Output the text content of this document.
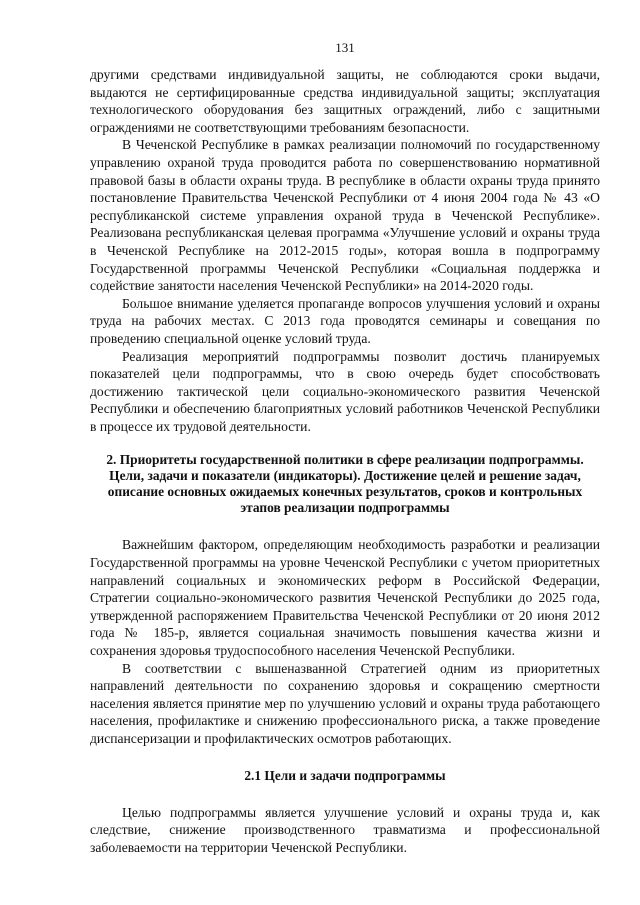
131

другими средствами индивидуальной защиты, не соблюдаются сроки выдачи, выдаются не сертифицированные средства индивидуальной защиты; эксплуатация технологического оборудования без защитных ограждений, либо с защитными ограждениями не соответствующими требованиям безопасности.

В Чеченской Республике в рамках реализации полномочий по государственному управлению охраной труда проводится работа по совершенствованию нормативной правовой базы в области охраны труда. В республике в области охраны труда принято постановление Правительства Чеченской Республики от 4 июня 2004 года № 43 «О республиканской системе управления охраной труда в Чеченской Республике». Реализована республиканская целевая программа «Улучшение условий и охраны труда в Чеченской Республике на 2012-2015 годы», которая вошла в подпрограмму Государственной программы Чеченской Республики «Социальная поддержка и содействие занятости населения Чеченской Республики» на 2014-2020 годы.

Большое внимание уделяется пропаганде вопросов улучшения условий и охраны труда на рабочих местах. С 2013 года проводятся семинары и совещания по проведению специальной оценке условий труда.

Реализация мероприятий подпрограммы позволит достичь планируемых показателей цели подпрограммы, что в свою очередь будет способствовать достижению тактической цели социально-экономического развития Чеченской Республики и обеспечению благоприятных условий работников Чеченской Республики в процессе их трудовой деятельности.

2. Приоритеты государственной политики в сфере реализации подпрограммы. Цели, задачи и показатели (индикаторы). Достижение целей и решение задач, описание основных ожидаемых конечных результатов, сроков и контрольных этапов реализации подпрограммы

Важнейшим фактором, определяющим необходимость разработки и реализации Государственной программы на уровне Чеченской Республики с учетом приоритетных направлений социальных и экономических реформ в Российской Федерации, Стратегии социально-экономического развития Чеченской Республики до 2025 года, утвержденной распоряжением Правительства Чеченской Республики от 20 июня 2012 года № 185-р, является социальная значимость повышения качества жизни и сохранения здоровья трудоспособного населения Чеченской Республики.

В соответствии с вышеназванной Стратегией одним из приоритетных направлений деятельности по сохранению здоровья и сокращению смертности населения является принятие мер по улучшению условий и охраны труда работающего населения, профилактике и снижению профессионального риска, а также проведение диспансеризации и профилактических осмотров работающих.

2.1 Цели и задачи подпрограммы

Целью подпрограммы является улучшение условий и охраны труда и, как следствие, снижение производственного травматизма и профессиональной заболеваемости на территории Чеченской Республики.
